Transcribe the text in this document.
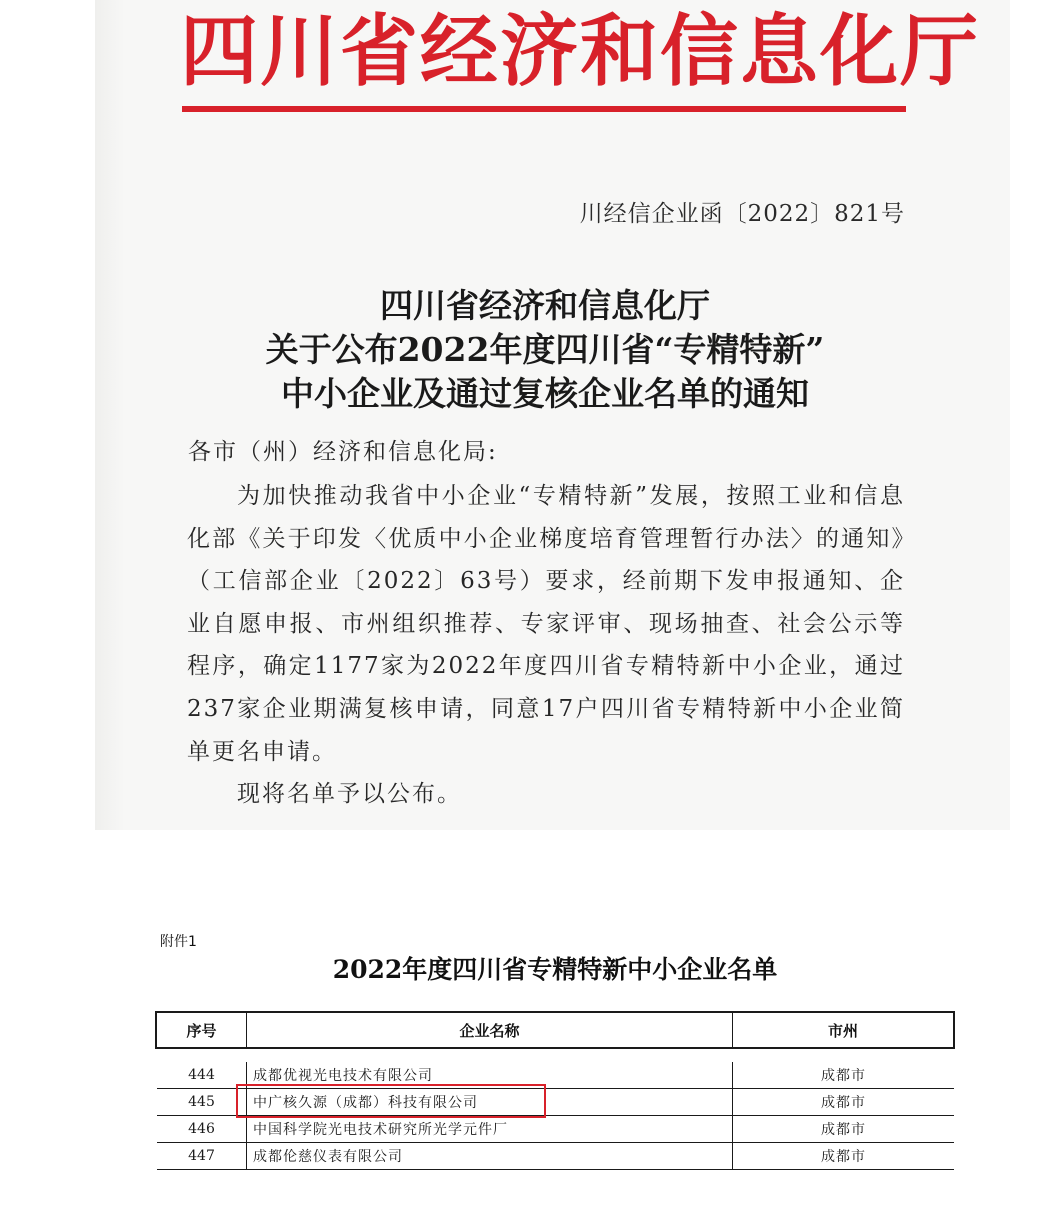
四川省经济和信息化厅
川经信企业函〔2022〕821号
四川省经济和信息化厅
关于公布2022年度四川省“专精特新”
中小企业及通过复核企业名单的通知
各市（州）经济和信息化局:

为加快推动我省中小企业“专精特新”发展，按照工业和信息化部《关于印发〈优质中小企业梯度培育管理暂行办法〉的通知》（工信部企业〔2022〕63号）要求，经前期下发申报通知、企业自愿申报、市州组织推荐、专家评审、现场抽查、社会公示等程序，确定1177家为2022年度四川省专精特新中小企业，通过237家企业期满复核申请，同意17户四川省专精特新中小企业简单更名申请。

现将名单予以公布。
附件1
2022年度四川省专精特新中小企业名单
序号	企业名称	市州
444	成都优视光电技术有限公司	成都市
445	中广核久源（成都）科技有限公司	成都市
446	中国科学院光电技术研究所光学元件厂	成都市
447	成都伦慈仪表有限公司	成都市
